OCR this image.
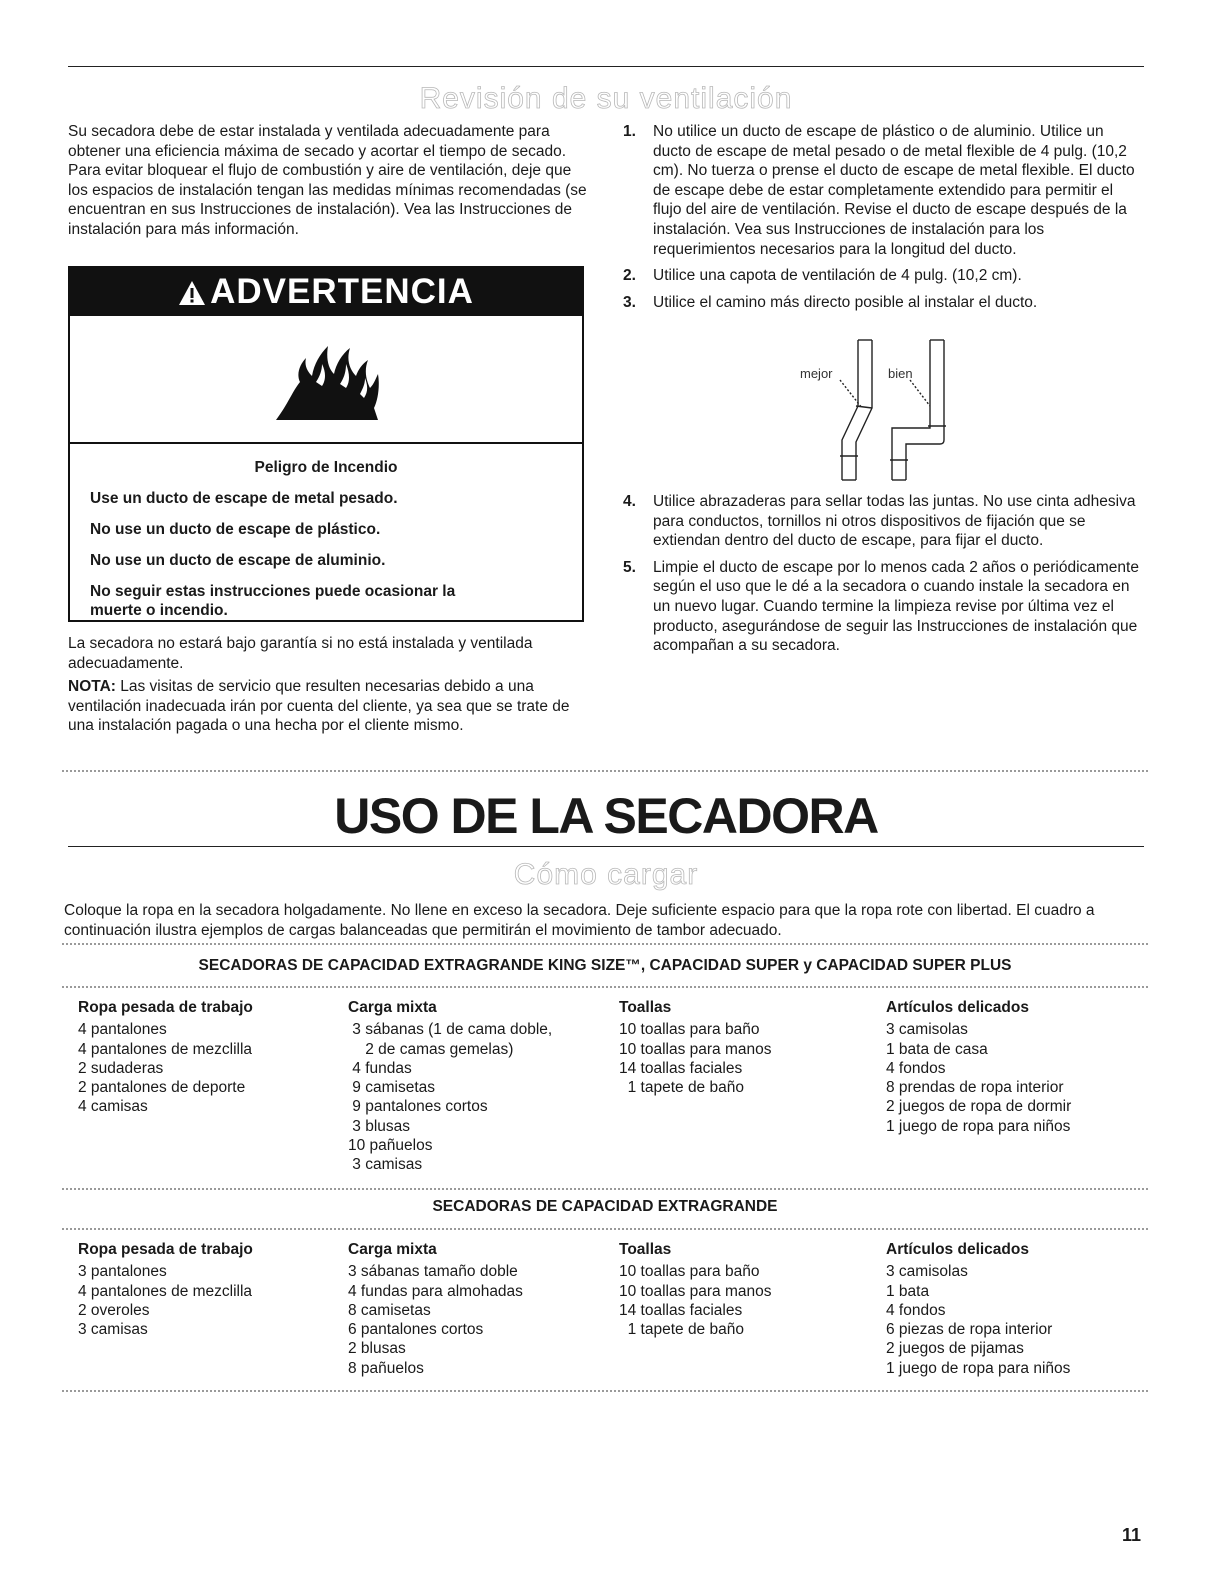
Revisión de su ventilación

Su secadora debe de estar instalada y ventilada adecuadamente para obtener una eficiencia máxima de secado y acortar el tiempo de secado. Para evitar bloquear el flujo de combustión y aire de ventilación, deje que los espacios de instalación tengan las medidas mínimas recomendadas (se encuentran en sus Instrucciones de instalación). Vea las Instrucciones de instalación para más información.

ADVERTENCIA
Peligro de Incendio
Use un ducto de escape de metal pesado.
No use un ducto de escape de plástico.
No use un ducto de escape de aluminio.
No seguir estas instrucciones puede ocasionar la muerte o incendio.

La secadora no estará bajo garantía si no está instalada y ventilada adecuadamente.

NOTA: Las visitas de servicio que resulten necesarias debido a una ventilación inadecuada irán por cuenta del cliente, ya sea que se trate de una instalación pagada o una hecha por el cliente mismo.

1. No utilice un ducto de escape de plástico o de aluminio. Utilice un ducto de escape de metal pesado o de metal flexible de 4 pulg. (10,2 cm). No tuerza o prense el ducto de escape de metal flexible. El ducto de escape debe de estar completamente extendido para permitir el flujo del aire de ventilación. Revise el ducto de escape después de la instalación. Vea sus Instrucciones de instalación para los requerimientos necesarios para la longitud del ducto.
2. Utilice una capota de ventilación de 4 pulg. (10,2 cm).
3. Utilice el camino más directo posible al instalar el ducto.
mejor	bien
4. Utilice abrazaderas para sellar todas las juntas. No use cinta adhesiva para conductos, tornillos ni otros dispositivos de fijación que se extiendan dentro del ducto de escape, para fijar el ducto.
5. Limpie el ducto de escape por lo menos cada 2 años o periódicamente según el uso que le dé a la secadora o cuando instale la secadora en un nuevo lugar. Cuando termine la limpieza revise por última vez el producto, asegurándose de seguir las Instrucciones de instalación que acompañan a su secadora.
USO DE LA SECADORA
Cómo cargar
Coloque la ropa en la secadora holgadamente. No llene en exceso la secadora. Deje suficiente espacio para que la ropa rote con libertad. El cuadro a continuación ilustra ejemplos de cargas balanceadas que permitirán el movimiento de tambor adecuado.
SECADORAS DE CAPACIDAD EXTRAGRANDE KING SIZE™, CAPACIDAD SUPER y CAPACIDAD SUPER PLUS
Ropa pesada de trabajo
4 pantalones
4 pantalones de mezclilla
2 sudaderas
2 pantalones de deporte
4 camisas
Carga mixta
3 sábanas (1 de cama doble,
2 de camas gemelas)
4 fundas
9 camisetas
9 pantalones cortos
3 blusas
10 pañuelos
3 camisas
Toallas
10 toallas para baño
10 toallas para manos
14 toallas faciales
1 tapete de baño
Artículos delicados
3 camisolas
1 bata de casa
4 fondos
8 prendas de ropa interior
2 juegos de ropa de dormir
1 juego de ropa para niños
SECADORAS DE CAPACIDAD EXTRAGRANDE
Ropa pesada de trabajo
3 pantalones
4 pantalones de mezclilla
2 overoles
3 camisas
Carga mixta
3 sábanas tamaño doble
4 fundas para almohadas
8 camisetas
6 pantalones cortos
2 blusas
8 pañuelos
Toallas
10 toallas para baño
10 toallas para manos
14 toallas faciales
1 tapete de baño
Artículos delicados
3 camisolas
1 bata
4 fondos
6 piezas de ropa interior
2 juegos de pijamas
1 juego de ropa para niños
11
